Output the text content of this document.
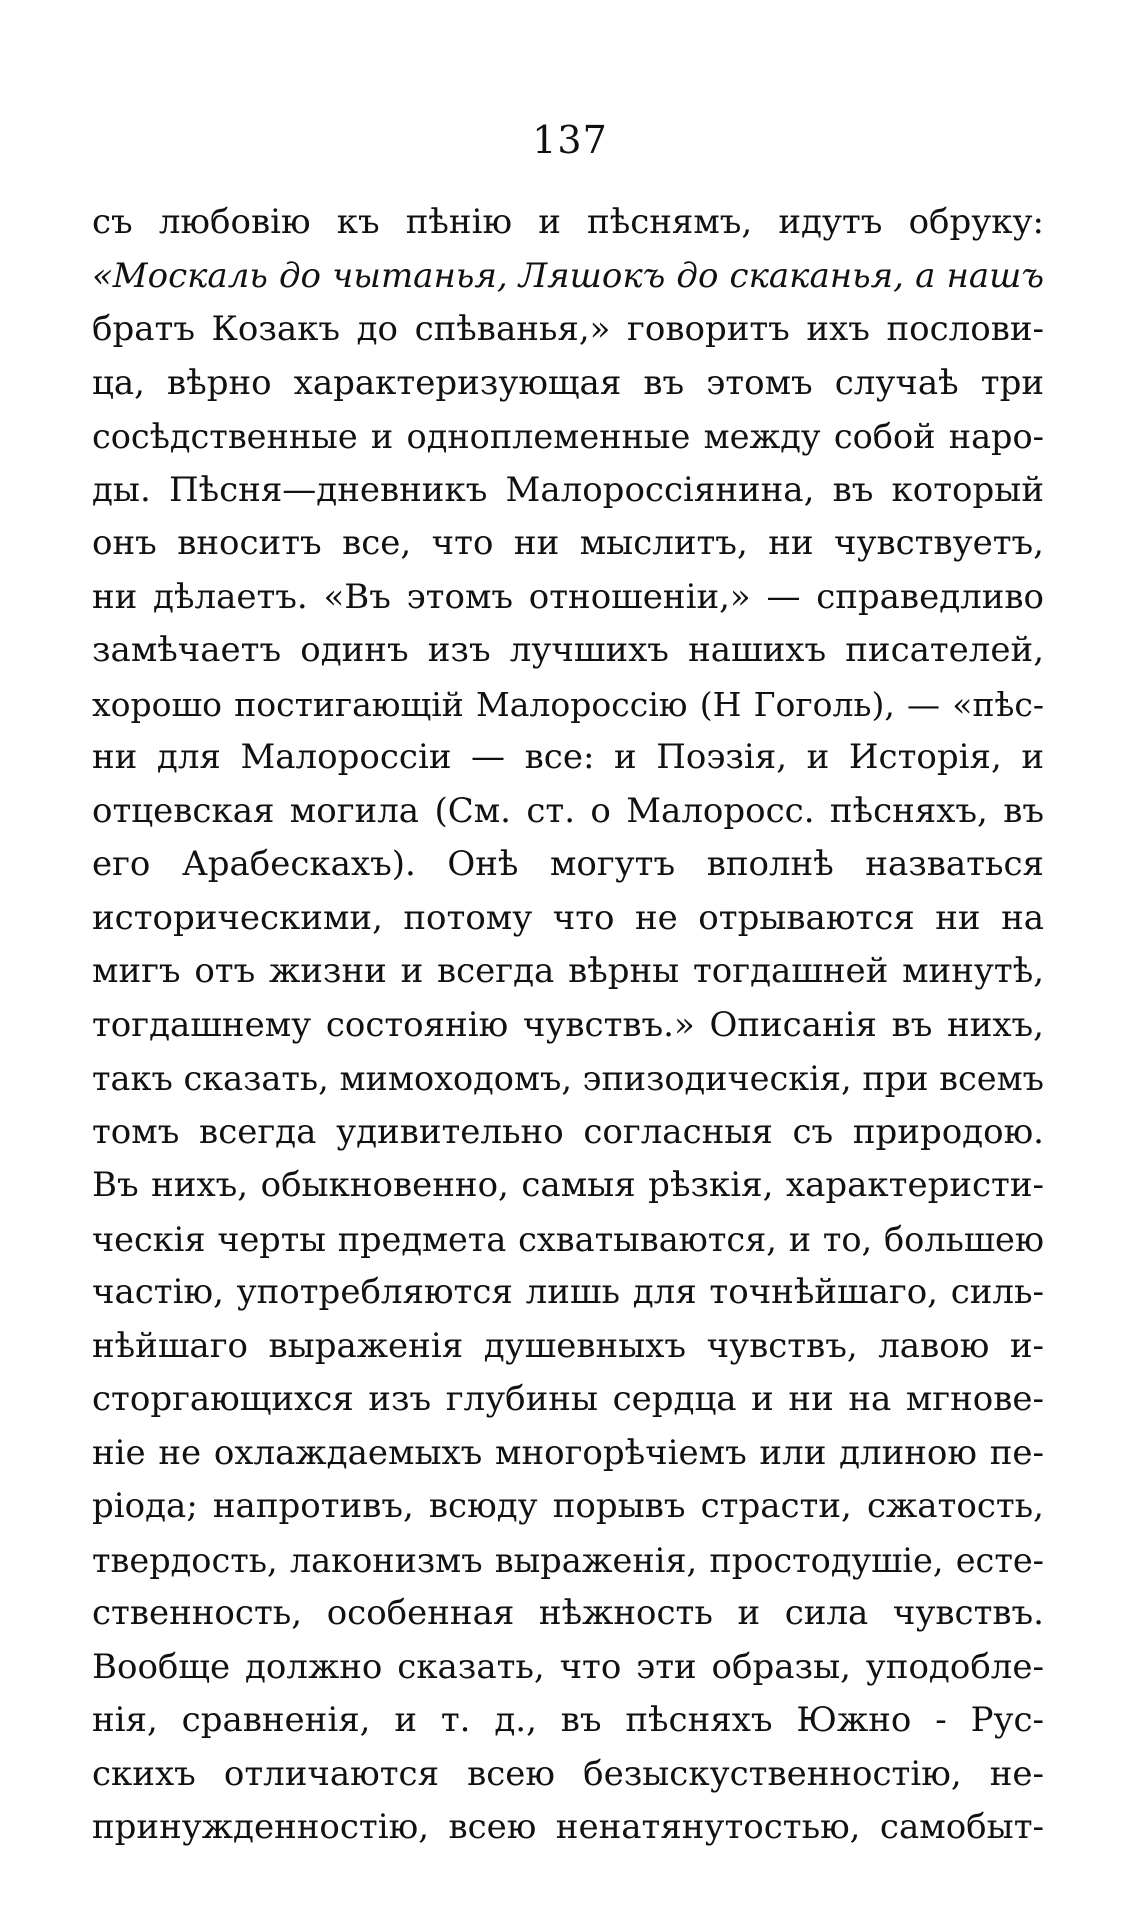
137
съ любовію къ пѣнію и пѣснямъ, идутъ обруку:
«Москаль до чытанья, Ляшокъ до скаканья, а нашъ
братъ Козакъ до спѣванья,» говоритъ ихъ послови-
ца, вѣрно характеризующая въ этомъ случаѣ три
сосѣдственные и одноплеменные между собой наро-
ды. Пѣсня—дневникъ Малороссіянина, въ который
онъ вноситъ все, что ни мыслитъ, ни чувствуетъ,
ни дѣлаетъ. «Въ этомъ отношеніи,» — справедливо
замѣчаетъ одинъ изъ лучшихъ нашихъ писателей,
хорошо постигающій Малороссію (Н Гоголь), — «пѣс-
ни для Малороссіи — все: и Поэзія, и Исторія, и
отцевская могила (См. ст. о Малоросс. пѣсняхъ, въ
его Арабескахъ). Онѣ могутъ вполнѣ назваться
историческими, потому что не отрываются ни на
мигъ отъ жизни и всегда вѣрны тогдашней минутѣ,
тогдашнему состоянію чувствъ.» Описанія въ нихъ,
такъ сказать, мимоходомъ, эпизодическія, при всемъ
томъ всегда удивительно согласныя съ природою.
Въ нихъ, обыкновенно, самыя рѣзкія, характеристи-
ческія черты предмета схватываются, и то, большею
частію, употребляются лишь для точнѣйшаго, силь-
нѣйшаго выраженія душевныхъ чувствъ, лавою и-
сторгающихся изъ глубины сердца и ни на мгнове-
ніе не охлаждаемыхъ многорѣчіемъ или длиною пе-
ріода; напротивъ, всюду порывъ страсти, сжатость,
твердость, лаконизмъ выраженія, простодушіе, есте-
ственность, особенная нѣжность и сила чувствъ.
Вообще должно сказать, что эти образы, уподобле-
нія, сравненія, и т. д., въ пѣсняхъ Южно - Рус-
скихъ отличаются всею безыскуственностію, не-
принужденностію, всею ненатянутостью, самобыт-
